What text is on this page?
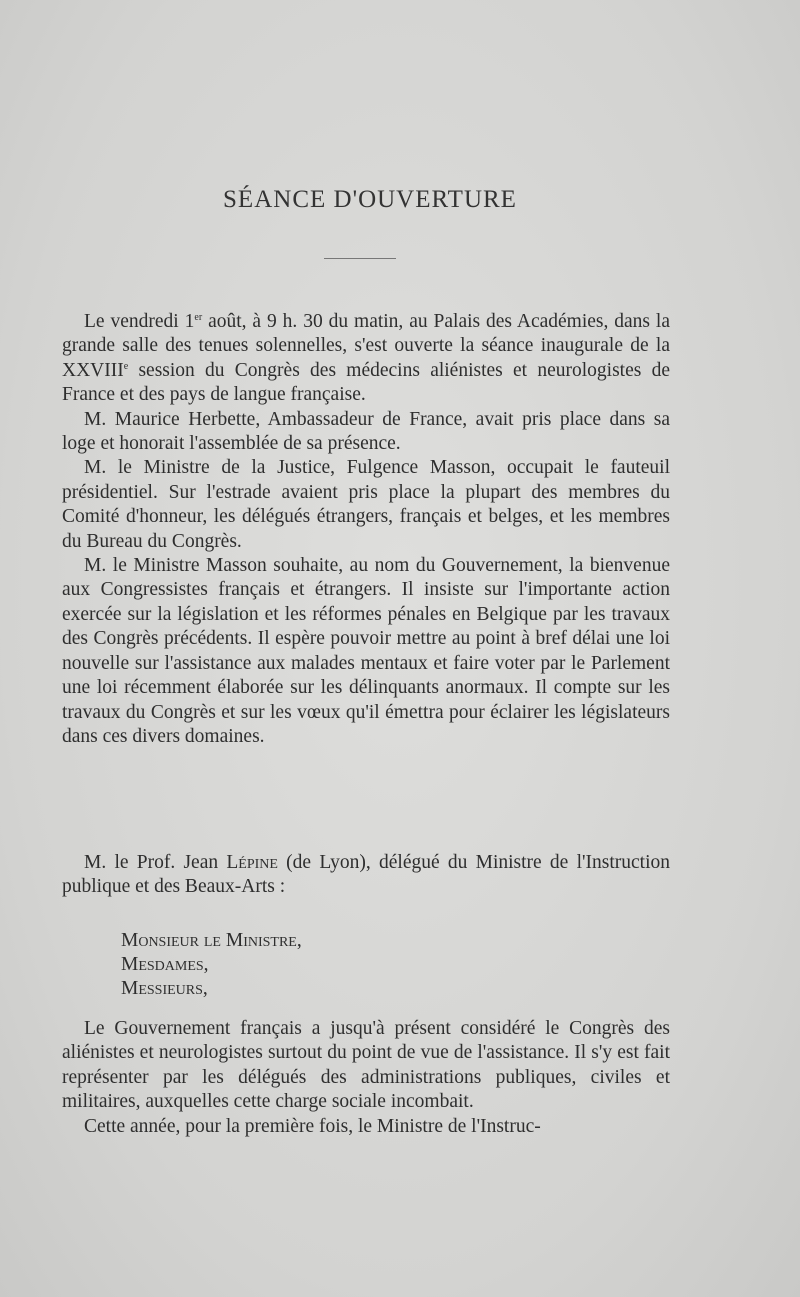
SÉANCE D'OUVERTURE

Le vendredi 1er août, à 9 h. 30 du matin, au Palais des Académies, dans la grande salle des tenues solennelles, s'est ouverte la séance inaugurale de la XXVIIIe session du Congrès des médecins aliénistes et neurologistes de France et des pays de langue française.

M. Maurice Herbette, Ambassadeur de France, avait pris place dans sa loge et honorait l'assemblée de sa présence.

M. le Ministre de la Justice, Fulgence Masson, occupait le fauteuil présidentiel. Sur l'estrade avaient pris place la plupart des membres du Comité d'honneur, les délégués étrangers, français et belges, et les membres du Bureau du Congrès.

M. le Ministre Masson souhaite, au nom du Gouvernement, la bienvenue aux Congressistes français et étrangers. Il insiste sur l'importante action exercée sur la législation et les réformes pénales en Belgique par les travaux des Congrès précédents. Il espère pouvoir mettre au point à bref délai une loi nouvelle sur l'assistance aux malades mentaux et faire voter par le Parlement une loi récemment élaborée sur les délinquants anormaux. Il compte sur les travaux du Congrès et sur les vœux qu'il émettra pour éclairer les législateurs dans ces divers domaines.

M. le Prof. Jean Lépine (de Lyon), délégué du Ministre de l'Instruction publique et des Beaux-Arts :

Monsieur le Ministre,
Mesdames,
Messieurs,

Le Gouvernement français a jusqu'à présent considéré le Congrès des aliénistes et neurologistes surtout du point de vue de l'assistance. Il s'y est fait représenter par les délégués des administrations publiques, civiles et militaires, auxquelles cette charge sociale incombait.

Cette année, pour la première fois, le Ministre de l'Instruc-
